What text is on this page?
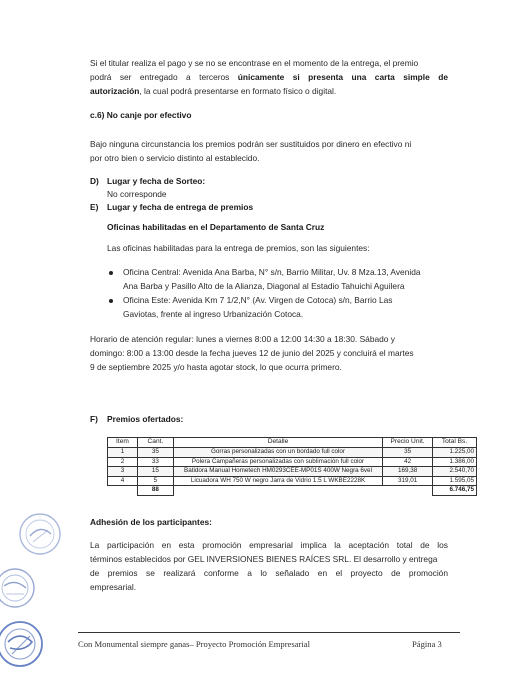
Si el titular realiza el pago y se no se encontrase en el momento de la entrega, el premio
podrá ser entregado a terceros únicamente si presenta una carta simple de
autorización, la cual podrá presentarse en formato físico o digital.
c.6) No canje por efectivo
Bajo ninguna circunstancia los premios podrán ser sustituidos por dinero en efectivo ni
por otro bien o servicio distinto al establecido.
D) Lugar y fecha de Sorteo:
No corresponde
E) Lugar y fecha de entrega de premios
Oficinas habilitadas en el Departamento de Santa Cruz
Las oficinas habilitadas para la entrega de premios, son las siguientes:
Oficina Central: Avenida Ana Barba, N° s/n, Barrio Militar, Uv. 8 Mza.13, Avenida
Ana Barba y Pasillo Alto de la Alianza, Diagonal al Estadio Tahuichi Aguilera
Oficina Este: Avenida Km 7 1/2,N° (Av. Virgen de Cotoca) s/n, Barrio Las
Gaviotas, frente al ingreso Urbanización Cotoca.
Horario de atención regular: lunes a viernes 8:00 a 12:00 14:30 a 18:30. Sábado y
domingo: 8:00 a 13:00 desde la fecha jueves 12 de junio del 2025 y concluirá el martes
9 de septiembre 2025 y/o hasta agotar stock, lo que ocurra primero.
F) Premios ofertados:
Item	Cant.	Detalle	Precio Unit.	Total Bs.
1	35	Gorras personalizadas con un bordado full color	35	1.225,00
2	33	Polera Campañeras personalizadas con sublimación full color	42	1.386,00
3	15	Batidora Manual Hometech HM0293CEE-MP01S 400W Negra 6vel	169,38	2.540,70
4	5	Licuadora WH 750 W negro Jarra de Vidrio 1.5 L WKBE2228K	319,01	1.595,05
	88			6.746,75
Adhesión de los participantes:
La participación en esta promoción empresarial implica la aceptación total de los
términos establecidos por GEL INVERSIONES BIENES RAÍCES SRL. El desarrollo y entrega
de premios se realizará conforme a lo señalado en el proyecto de promoción
empresarial.
Con Monumental siempre ganas– Proyecto Promoción Empresarial	Página 3
